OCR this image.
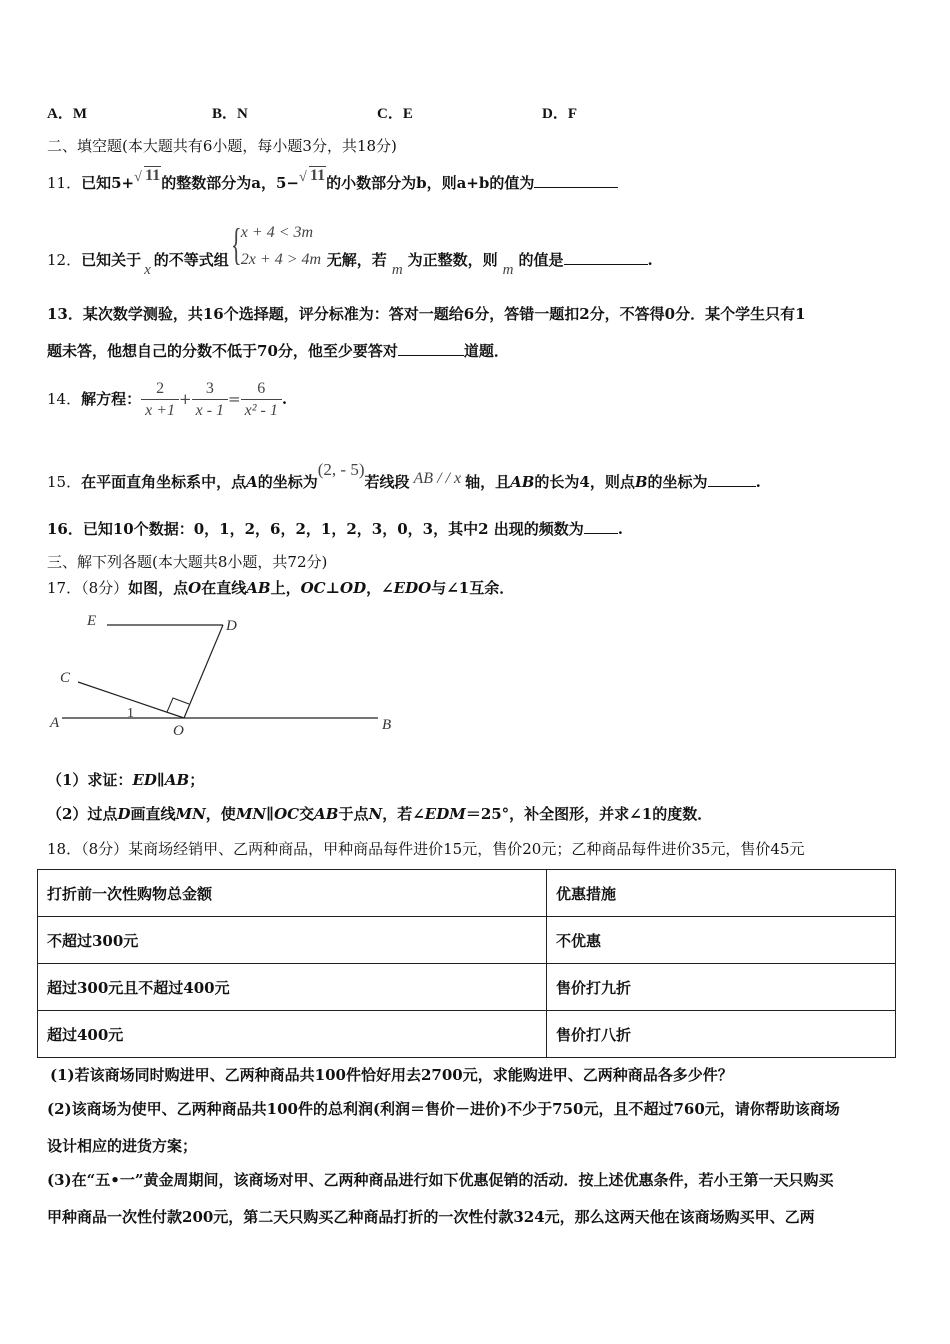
A．M	B．N	C．E	D．F
二、填空题(本大题共有6小题，每小题3分，共18分)
11．已知5+ √ 11的整数部分为a，5− √ 11的小数部分为b，则a+b的值为
12．已知关于x的不等式组 { x + 4 < 3m
2x + 4 > 4m 无解，若m为正整数，则m的值是	.
13．某次数学测验，共16个选择题，评分标准为：答对一题给6分，答错一题扣2分，不答得0分．某个学生只有1
题未答，他想自己的分数不低于70分，他至少要答对	道题．
14．解方程： $\frac{2}{x +1} + \frac{3}{x - 1} = \frac{6}{\text{x² - 1}}$ .
15．在平面直角坐标系中，点A的坐标为(2, - 5)若线段 AB / / x 轴，且AB的长为4，则点B的坐标为	.
16．已知10个数据：0，1，2，6，2，1，2，3，0，3，其中2 出现的频数为 .
三、解下列各题(本大题共8小题，共72分)
17．（8分）如图，点O在直线AB上，OC⊥OD，∠EDO与∠1互余．
E	D
C
1
A	O	B
（1）求证：ED∥AB；
（2）过点D画直线MN，使MN∥OC交AB于点N，若∠EDM＝25°，补全图形，并求∠1的度数．
18．（8分）某商场经销甲、乙两种商品，甲种商品每件进价15元，售价20元；乙种商品每件进价35元，售价45元
打折前一次性购物总金额	优惠措施
不超过300元	不优惠
超过300元且不超过400元	售价打九折
超过400元	售价打八折
(1)若该商场同时购进甲、乙两种商品共100件恰好用去2700元，求能购进甲、乙两种商品各多少件？
(2)该商场为使甲、乙两种商品共100件的总利润(利润＝售价－进价)不少于750元，且不超过760元，请你帮助该商场
设计相应的进货方案；
(3)在“五•一”黄金周期间，该商场对甲、乙两种商品进行如下优惠促销的活动．按上述优惠条件，若小王第一天只购买
甲种商品一次性付款200元，第二天只购买乙种商品打折的一次性付款324元，那么这两天他在该商场购买甲、乙两
